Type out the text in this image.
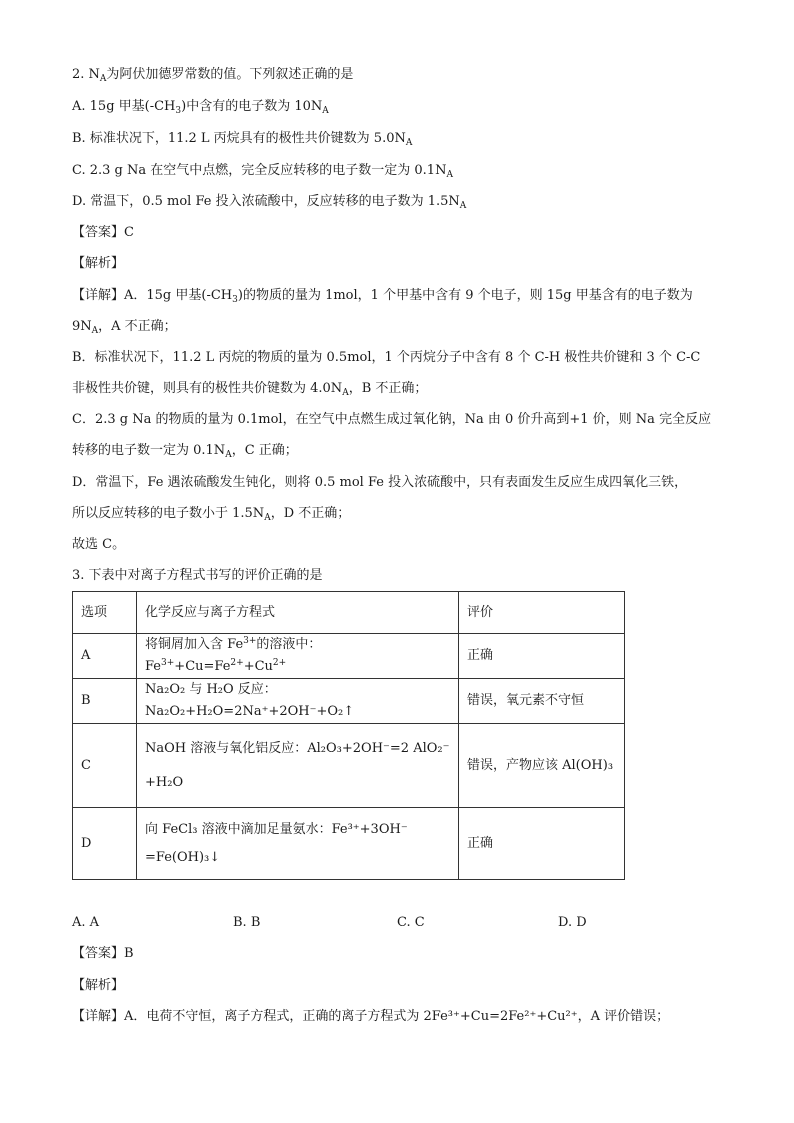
2. $N_A$为阿伏加德罗常数的值。下列叙述正确的是
A. 15g 甲基$(-CH_3)$中含有的电子数为 $10N_A$
B. 标准状况下，11.2 L 丙烷具有的极性共价键数为 $5.0N_A$
C. 2.3 g Na 在空气中点燃，完全反应转移的电子数一定为 $0.1N_A$
D. 常温下，0.5 mol Fe 投入浓硫酸中，反应转移的电子数为 $1.5N_A$
【答案】C
【解析】
【详解】A．15g 甲基$(-CH_3)$的物质的量为 1mol，1 个甲基中含有 9 个电子，则 15g 甲基含有的电子数为
$9N_A$，A 不正确；
B．标准状况下，11.2 L 丙烷的物质的量为 0.5mol，1 个丙烷分子中含有 8 个 C-H 极性共价键和 3 个 C-C
非极性共价键，则具有的极性共价键数为 $4.0N_A$，B 不正确；
C．2.3 g Na 的物质的量为 0.1mol，在空气中点燃生成过氧化钠，Na 由 0 价升高到+1 价，则 Na 完全反应
转移的电子数一定为 $0.1N_A$，C 正确；
D．常温下，Fe 遇浓硫酸发生钝化，则将 0.5 mol Fe 投入浓硫酸中，只有表面发生反应生成四氧化三铁，
所以反应转移的电子数小于 $1.5N_A$，D 不正确；
故选 C。
3. 下表中对离子方程式书写的评价正确的是
选项	化学反应与离子方程式	评价
A	将铜屑加入含 $Fe^{3+}$的溶液中：$Fe^{3+}+Cu=Fe^{2+}+Cu^{2+}$	正确
B	Na₂O₂ 与 H₂O 反应：Na₂O₂+H₂O=2Na⁺+2OH⁻+O₂↑	错误，氧元素不守恒
C	NaOH 溶液与氧化铝反应：Al₂O₃+2OH⁻=2 AlO₂⁻
+H₂O	错误，产物应该 Al(OH)₃
D	向 FeCl₃ 溶液中滴加足量氨水：Fe³⁺+3OH⁻
=Fe(OH)₃↓	正确
A. A	B. B	C. C	D. D
【答案】B
【解析】
【详解】A．电荷不守恒，离子方程式，正确的离子方程式为 2Fe³⁺+Cu=2Fe²⁺+Cu²⁺，A 评价错误；
